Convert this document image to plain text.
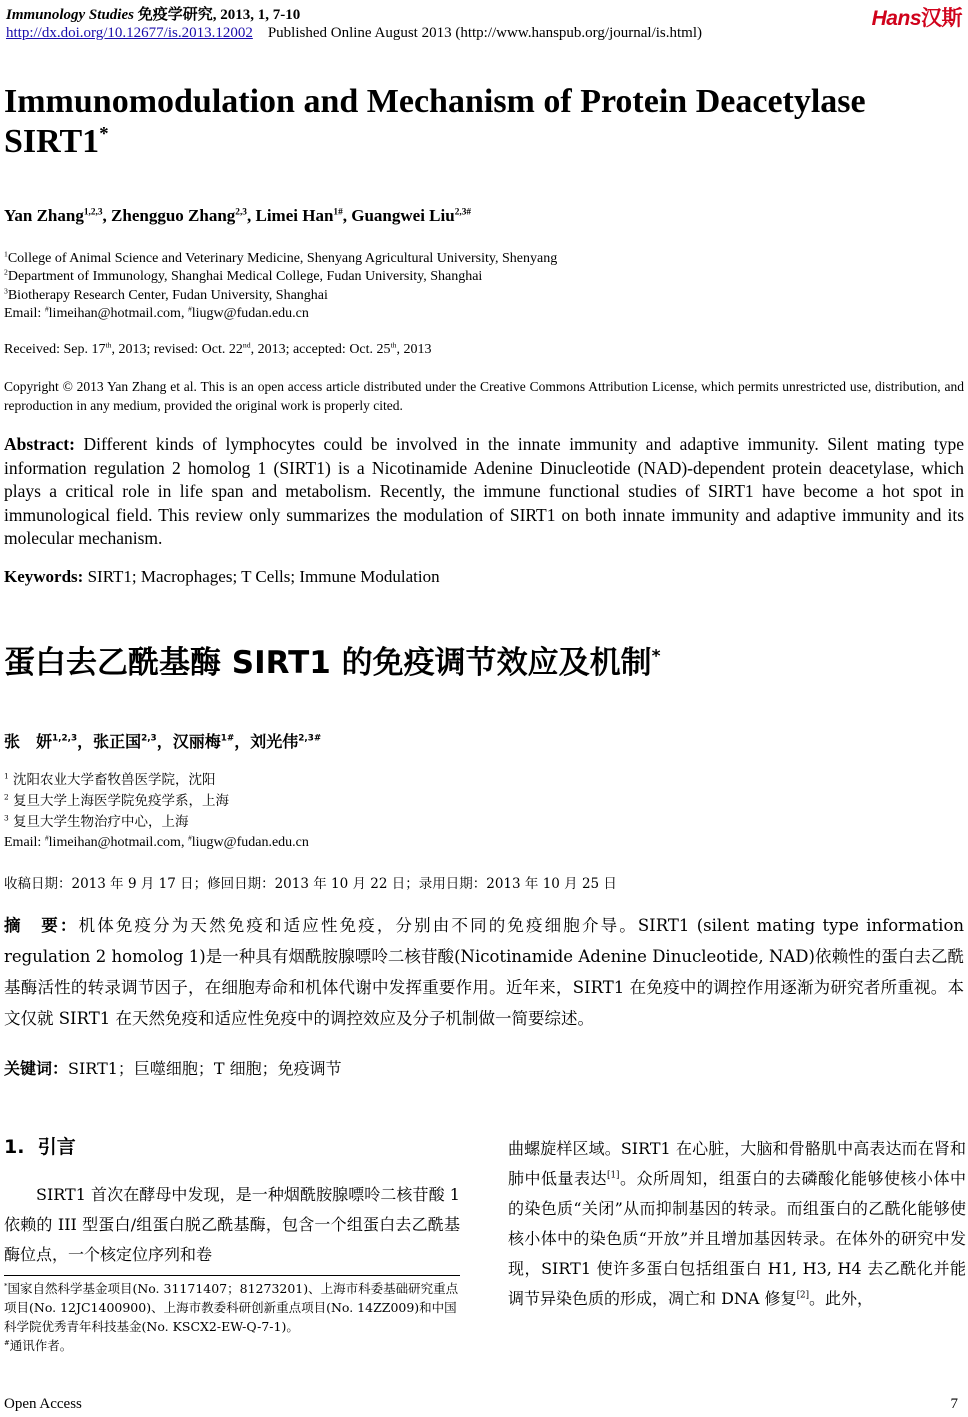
Immunology Studies 免疫学研究, 2013, 1, 7-10
http://dx.doi.org/10.12677/is.2013.12002 Published Online August 2013 (http://www.hanspub.org/journal/is.html)
Hans汉斯
Immunomodulation and Mechanism of Protein Deacetylase SIRT1*
Yan Zhang$^{1,2,3}$, Zhengguo Zhang$^{2,3}$, Limei Han$^{1\#}$, Guangwei Liu$^{2,3\#}$
$^1$College of Animal Science and Veterinary Medicine, Shenyang Agricultural University, Shenyang
$^2$Department of Immunology, Shanghai Medical College, Fudan University, Shanghai
$^3$Biotherapy Research Center, Fudan University, Shanghai
Email: #limeihan@hotmail.com, #liugw@fudan.edu.cn
Received: Sep. 17th, 2013; revised: Oct. 22nd, 2013; accepted: Oct. 25th, 2013
Copyright © 2013 Yan Zhang et al. This is an open access article distributed under the Creative Commons Attribution License, which permits unrestricted use, distribution, and reproduction in any medium, provided the original work is properly cited.
Abstract: Different kinds of lymphocytes could be involved in the innate immunity and adaptive immunity. Silent mating type information regulation 2 homolog 1 (SIRT1) is a Nicotinamide Adenine Dinucleotide (NAD)-dependent protein deacetylase, which plays a critical role in life span and metabolism. Recently, the immune functional studies of SIRT1 have become a hot spot in immunological field. This review only summarizes the modulation of SIRT1 on both innate immunity and adaptive immunity and its molecular mechanism.
Keywords: SIRT1; Macrophages; T Cells; Immune Modulation
蛋白去乙酰基酶 SIRT1 的免疫调节效应及机制*
张　妍$^{1,2,3}$，张正国$^{2,3}$，汉丽梅$^{1\#}$，刘光伟$^{2,3\#}$
$^1$ 沈阳农业大学畜牧兽医学院，沈阳
$^2$ 复旦大学上海医学院免疫学系，上海
$^3$ 复旦大学生物治疗中心，上海
Email: #limeihan@hotmail.com, #liugw@fudan.edu.cn
收稿日期：2013 年 9 月 17 日；修回日期：2013 年 10 月 22 日；录用日期：2013 年 10 月 25 日
摘　要：机体免疫分为天然免疫和适应性免疫，分别由不同的免疫细胞介导。SIRT1 (silent mating type information regulation 2 homolog 1)是一种具有烟酰胺腺嘌呤二核苷酸(Nicotinamide Adenine Dinucleotide, NAD)依赖性的蛋白去乙酰基酶活性的转录调节因子，在细胞寿命和机体代谢中发挥重要作用。近年来，SIRT1 在免疫中的调控作用逐渐为研究者所重视。本文仅就 SIRT1 在天然免疫和适应性免疫中的调控效应及分子机制做一简要综述。
关键词：SIRT1；巨噬细胞；T 细胞；免疫调节
1. 引言
SIRT1 首次在酵母中发现，是一种烟酰胺腺嘌呤二核苷酸 1 依赖的 III 型蛋白/组蛋白脱乙酰基酶，包含一个组蛋白去乙酰基酶位点，一个核定位序列和卷
*国家自然科学基金项目(No. 31171407；81273201)、上海市科委基础研究重点项目(No. 12JC1400900)、上海市教委科研创新重点项目(No. 14ZZ009)和中国科学院优秀青年科技基金(No. KSCX2-EW-Q-7-1)。
#通讯作者。
曲螺旋样区域。SIRT1 在心脏，大脑和骨骼肌中高表达而在肾和肺中低量表达[1]。众所周知，组蛋白的去磷酸化能够使核小体中的染色质“关闭”从而抑制基因的转录。而组蛋白的乙酰化能够使核小体中的染色质“开放”并且增加基因转录。在体外的研究中发现，SIRT1 使许多蛋白包括组蛋白 H1, H3, H4 去乙酰化并能调节异染色质的形成，凋亡和 DNA 修复[2]。此外，
Open Access	7
